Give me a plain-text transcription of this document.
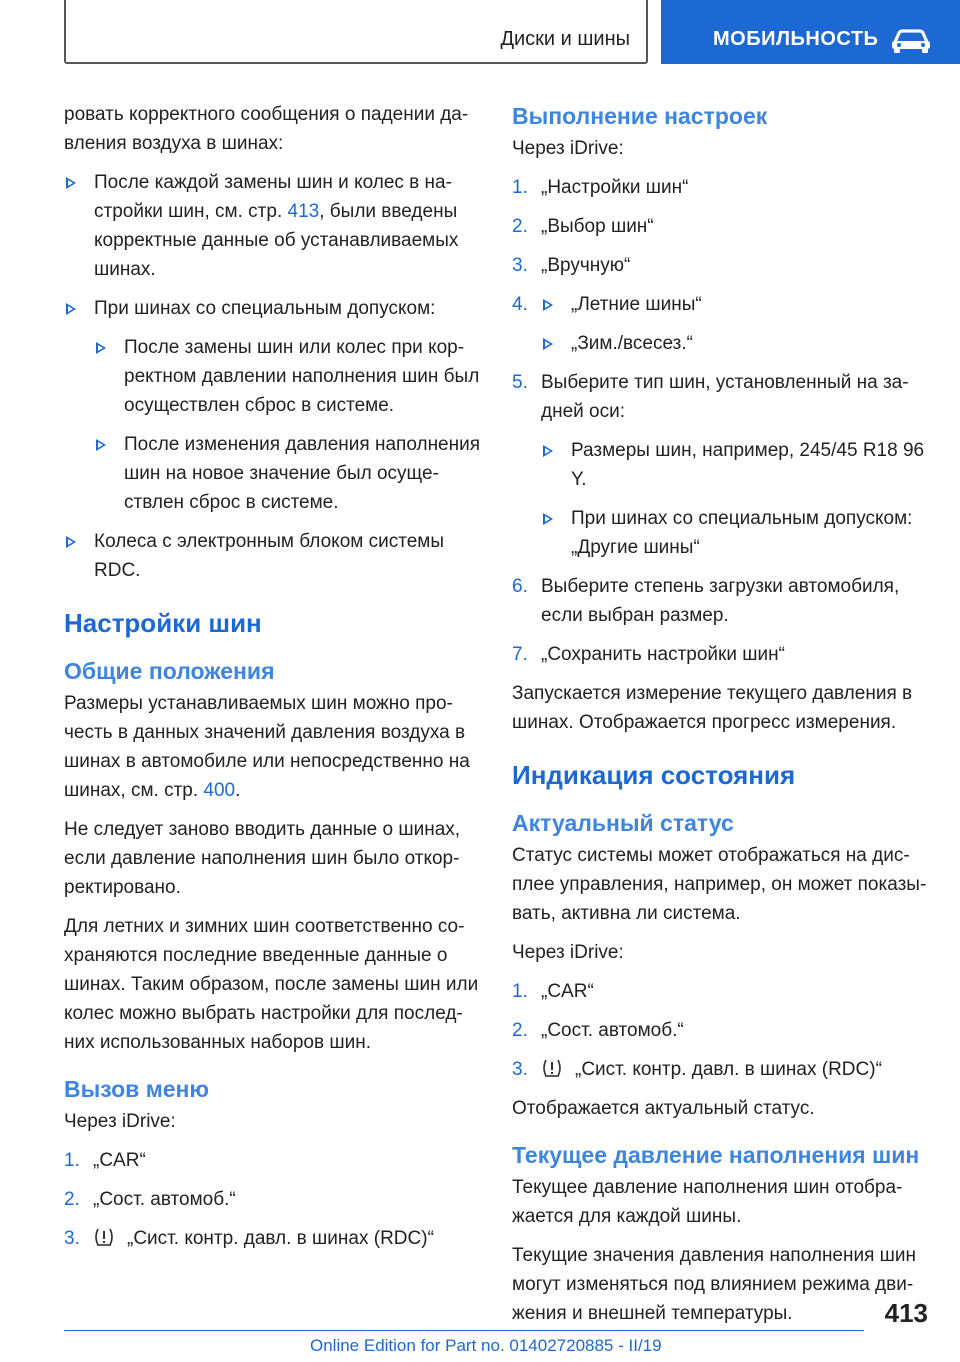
Диски и шины	МОБИЛЬНОСТЬ

ровать корректного сообщения о падении да-вления воздуха в шинах:

После каждой замены шин и колес в на-стройки шин, см. стр. 413, были введены корректные данные об устанавливаемых шинах.
При шинах со специальным допуском:
После замены шин или колес при кор-ректном давлении наполнения шин был осуществлен сброс в системе.
После изменения давления наполнения шин на новое значение был осуще-ствлен сброс в системе.
Колеса с электронным блоком системы RDC.
Настройки шин
Общие положения

Размеры устанавливаемых шин можно про-честь в данных значений давления воздуха в шинах в автомобиле или непосредственно на шинах, см. стр. 400.

Не следует заново вводить данные о шинах, если давление наполнения шин было откор-ректировано.

Для летних и зимних шин соответственно со-храняются последние введенные данные о шинах. Таким образом, после замены шин или колес можно выбрать настройки для послед-них использованных наборов шин.

Вызов меню

Через iDrive:

1. „CAR“
2. „Сост. автомоб.“
3.	„Сист. контр. давл. в шинах (RDC)“
Выполнение настроек

Через iDrive:

1. „Настройки шин“
2. „Выбор шин“
3. „Вручную“
4.	„Летние шины“
„Зим./всесез.“
5. Выберите тип шин, установленный на за-дней оси:
Размеры шин, например, 245/45 R18 96 Y.
При шинах со специальным допуском: „Другие шины“
6. Выберите степень загрузки автомобиля, если выбран размер.
7. „Сохранить настройки шин“

Запускается измерение текущего давления в шинах. Отображается прогресс измерения.

Индикация состояния
Актуальный статус

Статус системы может отображаться на дис-плее управления, например, он может показы-вать, активна ли система.

Через iDrive:

1. „CAR“
2. „Сост. автомоб.“
3.	„Сист. контр. давл. в шинах (RDC)“

Отображается актуальный статус.

Текущее давление наполнения шин

Текущее давление наполнения шин отобра-жается для каждой шины.

Текущие значения давления наполнения шин могут изменяться под влиянием режима дви-жения и внешней температуры.	413
Online Edition for Part no. 01402720885 - II/19
